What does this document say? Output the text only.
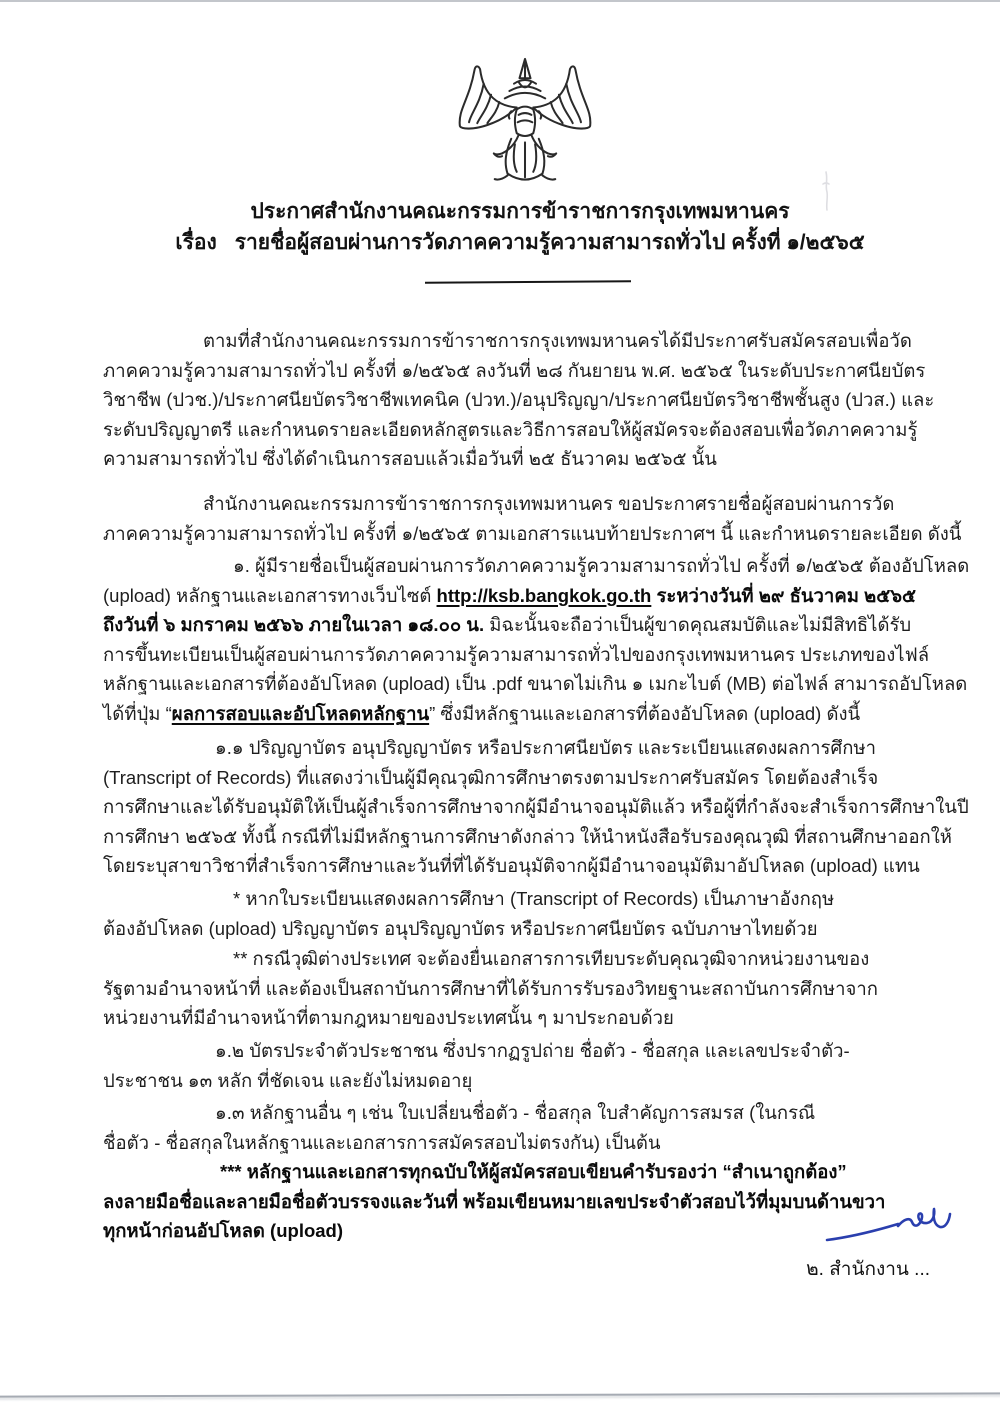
ประกาศสำนักงานคณะกรรมการข้าราชการกรุงเทพมหานคร
เรื่อง รายชื่อผู้สอบผ่านการวัดภาคความรู้ความสามารถทั่วไป ครั้งที่ ๑/๒๕๖๕
ตามที่สำนักงานคณะกรรมการข้าราชการกรุงเทพมหานครได้มีประกาศรับสมัครสอบเพื่อวัด
ภาคความรู้ความสามารถทั่วไป ครั้งที่ ๑/๒๕๖๕ ลงวันที่ ๒๘ กันยายน พ.ศ. ๒๕๖๕ ในระดับประกาศนียบัตร
วิชาชีพ (ปวช.)/ประกาศนียบัตรวิชาชีพเทคนิค (ปวท.)/อนุปริญญา/ประกาศนียบัตรวิชาชีพชั้นสูง (ปวส.) และ
ระดับปริญญาตรี และกำหนดรายละเอียดหลักสูตรและวิธีการสอบให้ผู้สมัครจะต้องสอบเพื่อวัดภาคความรู้
ความสามารถทั่วไป ซึ่งได้ดำเนินการสอบแล้วเมื่อวันที่ ๒๕ ธันวาคม ๒๕๖๕ นั้น
สำนักงานคณะกรรมการข้าราชการกรุงเทพมหานคร ขอประกาศรายชื่อผู้สอบผ่านการวัด
ภาคความรู้ความสามารถทั่วไป ครั้งที่ ๑/๒๕๖๕ ตามเอกสารแนบท้ายประกาศฯ นี้ และกำหนดรายละเอียด ดังนี้
๑. ผู้มีรายชื่อเป็นผู้สอบผ่านการวัดภาคความรู้ความสามารถทั่วไป ครั้งที่ ๑/๒๕๖๕ ต้องอัปโหลด
(upload) หลักฐานและเอกสารทางเว็บไซต์ http://ksb.bangkok.go.th ระหว่างวันที่ ๒๙ ธันวาคม ๒๕๖๕
ถึงวันที่ ๖ มกราคม ๒๕๖๖ ภายในเวลา ๑๘.๐๐ น. มิฉะนั้นจะถือว่าเป็นผู้ขาดคุณสมบัติและไม่มีสิทธิได้รับ
การขึ้นทะเบียนเป็นผู้สอบผ่านการวัดภาคความรู้ความสามารถทั่วไปของกรุงเทพมหานคร ประเภทของไฟล์
หลักฐานและเอกสารที่ต้องอัปโหลด (upload) เป็น .pdf ขนาดไม่เกิน ๑ เมกะไบต์ (MB) ต่อไฟล์ สามารถอัปโหลด
ได้ที่ปุ่ม “ผลการสอบและอัปโหลดหลักฐาน” ซึ่งมีหลักฐานและเอกสารที่ต้องอัปโหลด (upload) ดังนี้
๑.๑ ปริญญาบัตร อนุปริญญาบัตร หรือประกาศนียบัตร และระเบียนแสดงผลการศึกษา
(Transcript of Records) ที่แสดงว่าเป็นผู้มีคุณวุฒิการศึกษาตรงตามประกาศรับสมัคร โดยต้องสำเร็จ
การศึกษาและได้รับอนุมัติให้เป็นผู้สำเร็จการศึกษาจากผู้มีอำนาจอนุมัติแล้ว หรือผู้ที่กำลังจะสำเร็จการศึกษาในปี
การศึกษา ๒๕๖๕ ทั้งนี้ กรณีที่ไม่มีหลักฐานการศึกษาดังกล่าว ให้นำหนังสือรับรองคุณวุฒิ ที่สถานศึกษาออกให้
โดยระบุสาขาวิชาที่สำเร็จการศึกษาและวันที่ที่ได้รับอนุมัติจากผู้มีอำนาจอนุมัติมาอัปโหลด (upload) แทน
* หากใบระเบียนแสดงผลการศึกษา (Transcript of Records) เป็นภาษาอังกฤษ
ต้องอัปโหลด (upload) ปริญญาบัตร อนุปริญญาบัตร หรือประกาศนียบัตร ฉบับภาษาไทยด้วย
** กรณีวุฒิต่างประเทศ จะต้องยื่นเอกสารการเทียบระดับคุณวุฒิจากหน่วยงานของ
รัฐตามอำนาจหน้าที่ และต้องเป็นสถาบันการศึกษาที่ได้รับการรับรองวิทยฐานะสถาบันการศึกษาจาก
หน่วยงานที่มีอำนาจหน้าที่ตามกฎหมายของประเทศนั้น ๆ มาประกอบด้วย
๑.๒ บัตรประจำตัวประชาชน ซึ่งปรากฏรูปถ่าย ชื่อตัว - ชื่อสกุล และเลขประจำตัว-
ประชาชน ๑๓ หลัก ที่ชัดเจน และยังไม่หมดอายุ
๑.๓ หลักฐานอื่น ๆ เช่น ใบเปลี่ยนชื่อตัว - ชื่อสกุล ใบสำคัญการสมรส (ในกรณี
ชื่อตัว - ชื่อสกุลในหลักฐานและเอกสารการสมัครสอบไม่ตรงกัน) เป็นต้น
*** หลักฐานและเอกสารทุกฉบับให้ผู้สมัครสอบเขียนคำรับรองว่า “สำเนาถูกต้อง”
ลงลายมือชื่อและลายมือชื่อตัวบรรจงและวันที่ พร้อมเขียนหมายเลขประจำตัวสอบไว้ที่มุมบนด้านขวา
ทุกหน้าก่อนอัปโหลด (upload)
๒. สำนักงาน ...
